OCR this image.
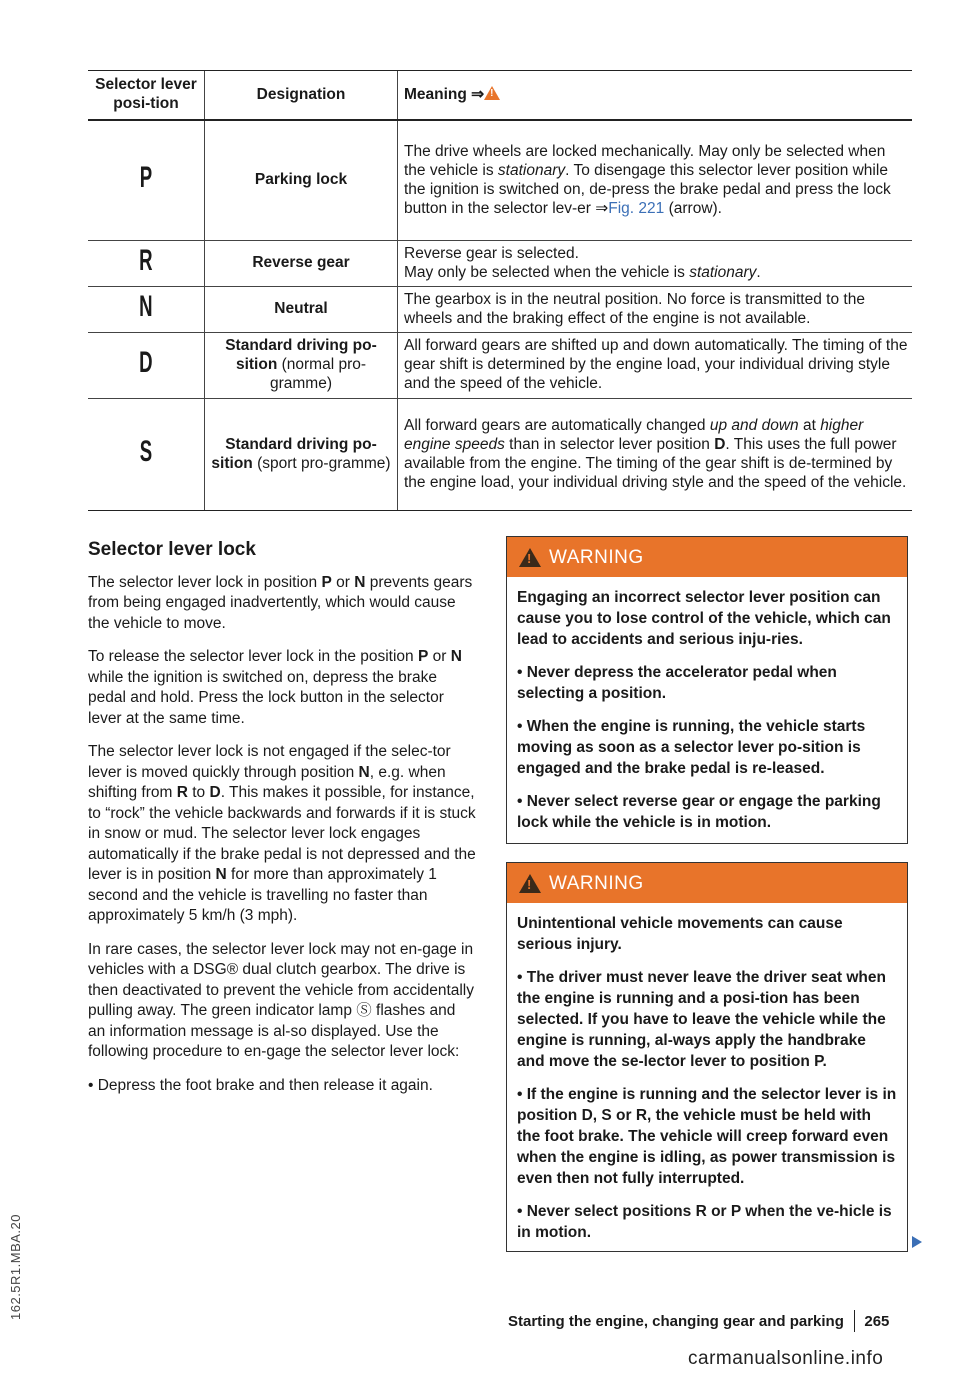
162.5R1.MBA.20
Selector lever posi-tion	Designation	Meaning ⇒!
P	Parking lock	The drive wheels are locked mechanically. May only be selected when the vehicle is stationary. To disengage this selector lever position while the ignition is switched on, de-press the brake pedal and press the lock button in the selector lev-er ⇒Fig. 221 (arrow).
R	Reverse gear	Reverse gear is selected.
May only be selected when the vehicle is stationary.
N	Neutral	The gearbox is in the neutral position. No force is transmitted to the wheels and the braking effect of the engine is not available.
D	Standard driving po-sition (normal pro-gramme)	All forward gears are shifted up and down automatically. The timing of the gear shift is determined by the engine load, your individual driving style and the speed of the vehicle.
S	Standard driving po-sition (sport pro-gramme)	All forward gears are automatically changed up and down at higher engine speeds than in selector lever position D. This uses the full power available from the engine. The timing of the gear shift is de-termined by the engine load, your individual driving style and the speed of the vehicle.
Selector lever lock

The selector lever lock in position P or N prevents gears from being engaged inadvertently, which would cause the vehicle to move.

To release the selector lever lock in the position P or N while the ignition is switched on, depress the brake pedal and hold. Press the lock button in the selector lever at the same time.

The selector lever lock is not engaged if the selec-tor lever is moved quickly through position N, e.g. when shifting from R to D. This makes it possible, for instance, to “rock” the vehicle backwards and forwards if it is stuck in snow or mud. The selector lever lock engages automatically if the brake pedal is not depressed and the lever is in position N for more than approximately 1 second and the vehicle is travelling no faster than approximately 5 km/h (3 mph).

In rare cases, the selector lever lock may not en-gage in vehicles with a DSG® dual clutch gearbox. The drive is then deactivated to prevent the vehicle from accidentally pulling away. The green indicator lamp Ⓢ flashes and an information message is al-so displayed. Use the following procedure to en-gage the selector lever lock:

• Depress the foot brake and then release it again.

!
WARNING

Engaging an incorrect selector lever position can cause you to lose control of the vehicle, which can lead to accidents and serious inju-ries.

• Never depress the accelerator pedal when selecting a position.

• When the engine is running, the vehicle starts moving as soon as a selector lever po-sition is engaged and the brake pedal is re-leased.

• Never select reverse gear or engage the parking lock while the vehicle is in motion.

!
WARNING

Unintentional vehicle movements can cause serious injury.

• The driver must never leave the driver seat when the engine is running and a posi-tion has been selected. If you have to leave the vehicle while the engine is running, al-ways apply the handbrake and move the se-lector lever to position P.

• If the engine is running and the selector lever is in position D, S or R, the vehicle must be held with the foot brake. The vehicle will creep forward even when the engine is idling, as power transmission is even then not fully interrupted.

• Never select positions R or P when the ve-hicle is in motion.

Starting the engine, changing gear and parking 265
carmanualsonline.info
